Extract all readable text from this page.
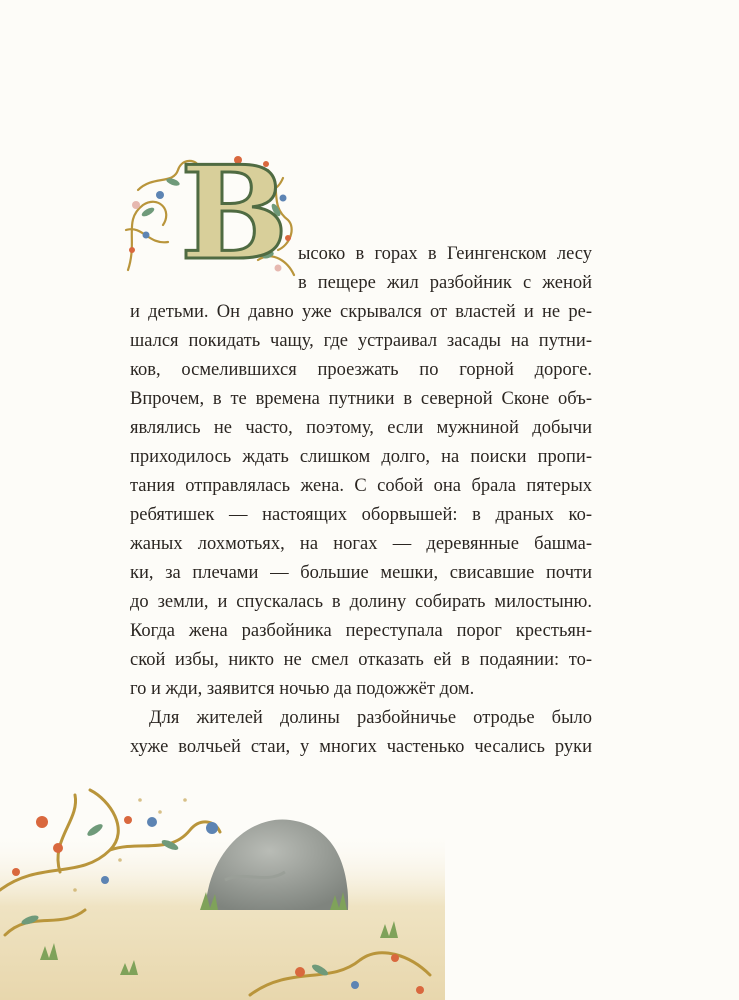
В ысоко в горах в Геингенском лесу
в пещере жил разбойник с женой
и детьми. Он давно уже скрывался от властей и не ре-
шался покидать чащу, где устраивал засады на путни-
ков, осмелившихся проезжать по горной дороге.
Впрочем, в те времена путники в северной Сконе объ-
являлись не часто, поэтому, если мужниной добычи
приходилось ждать слишком долго, на поиски пропи-
тания отправлялась жена. С собой она брала пятерых
ребятишек — настоящих оборвышей: в драных ко-
жаных лохмотьях, на ногах — деревянные башма-
ки, за плечами — большие мешки, свисавшие почти
до земли, и спускалась в долину собирать милостыню.
Когда жена разбойника переступала порог крестьян-
ской избы, никто не смел отказать ей в подаянии: то-
го и жди, заявится ночью да подожжёт дом.
Для жителей долины разбойничье отродье было
хуже волчьей стаи, у многих частенько чесались руки
